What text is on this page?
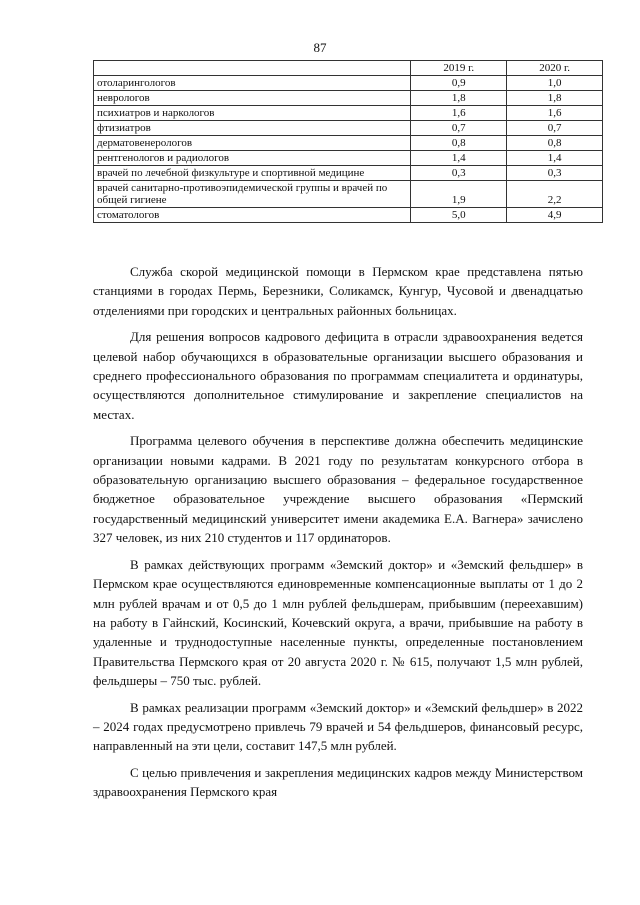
87
	2019 г.	2020 г.
отоларингологов	0,9	1,0
неврологов	1,8	1,8
психиатров и наркологов	1,6	1,6
фтизиатров	0,7	0,7
дерматовенерологов	0,8	0,8
рентгенологов и радиологов	1,4	1,4
врачей по лечебной физкультуре и спортивной медицине	0,3	0,3
врачей санитарно-противоэпидемической группы и врачей по общей гигиене	1,9	2,2
стоматологов	5,0	4,9

Служба скорой медицинской помощи в Пермском крае представлена пятью станциями в городах Пермь, Березники, Соликамск, Кунгур, Чусовой и двенадцатью отделениями при городских и центральных районных больницах.

Для решения вопросов кадрового дефицита в отрасли здравоохранения ведется целевой набор обучающихся в образовательные организации высшего образования и среднего профессионального образования по программам специалитета и ординатуры, осуществляются дополнительное стимулирование и закрепление специалистов на местах.

Программа целевого обучения в перспективе должна обеспечить медицинские организации новыми кадрами. В 2021 году по результатам конкурсного отбора в образовательную организацию высшего образования – федеральное государственное бюджетное образовательное учреждение высшего образования «Пермский государственный медицинский университет имени академика Е.А. Вагнера» зачислено 327 человек, из них 210 студентов и 117 ординаторов.

В рамках действующих программ «Земский доктор» и «Земский фельдшер» в Пермском крае осуществляются единовременные компенсационные выплаты от 1 до 2 млн рублей врачам и от 0,5 до 1 млн рублей фельдшерам, прибывшим (переехавшим) на работу в Гайнский, Косинский, Кочевский округа, а врачи, прибывшие на работу в удаленные и труднодоступные населенные пункты, определенные постановлением Правительства Пермского края от 20 августа 2020 г. № 615, получают 1,5 млн рублей, фельдшеры – 750 тыс. рублей.

В рамках реализации программ «Земский доктор» и «Земский фельдшер» в 2022 – 2024 годах предусмотрено привлечь 79 врачей и 54 фельдшеров, финансовый ресурс, направленный на эти цели, составит 147,5 млн рублей.

С целью привлечения и закрепления медицинских кадров между Министерством здравоохранения Пермского края
